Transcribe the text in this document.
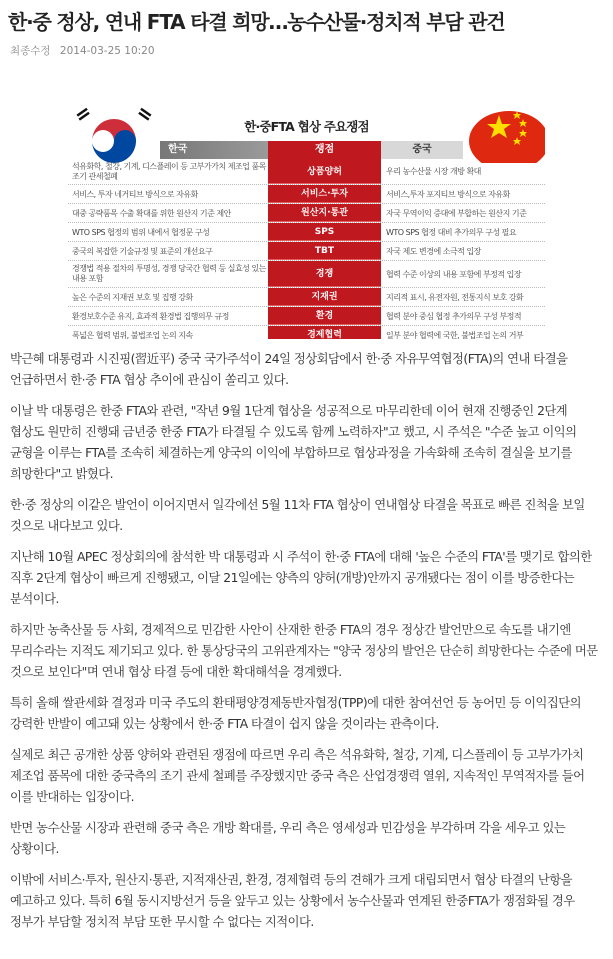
한·중 정상, 연내 FTA 타결 희망…농수산물·정치적 부담 관건
최종수정 2014-03-25 10:20
한·중FTA 협상 주요쟁점
한국	쟁점	중국
석유화학, 철강, 기계, 디스플레이 등 고부가가치 제조업 품목 조기 관세철폐	상품양허	우리 농수산물 시장 개방 확대
서비스, 투자 네거티브 방식으로 자유화	서비스·투자	서비스,투자 포지티브 방식으로 자유화
대중 공략품목 수출 확대를 위한 원산지 기준 제안	원산지·통관	자국 무역이익 증대에 부합하는 원산지 기준
WTO SPS 협정의 범위 내에서 협정문 구성	SPS	WTO SPS 협정 대비 추가의무 구성 필요
중국의 복잡한 기술규정 및 표준의 개선요구	TBT	자국 제도 변경에 소극적 입장
경쟁법 적용 절차의 투명성, 경쟁 당국간 협력 등 실효성 있는 내용 포함	경쟁	협력 수준 이상의 내용 포함에 부정적 입장
높은 수준의 지재권 보호 및 집행 강화	지재권	지리적 표시, 유전자원, 전통지식 보호 강화
환경보호수준 유지, 효과적 환경법 집행의무 규정	환경	협력 분야 중심 협정 추가의무 구성 부정적
폭넓은 협력 범위, 불법조업 논의 지속	경제협력	일부 분야 협력에 국한, 불법조업 논의 거부

박근혜 대통령과 시진핑(習近平) 중국 국가주석이 24일 정상회담에서 한·중 자유무역협정(FTA)의 연내 타결을 언급하면서 한·중 FTA 협상 추이에 관심이 쏠리고 있다.

이날 박 대통령은 한중 FTA와 관련, "작년 9월 1단계 협상을 성공적으로 마무리한데 이어 현재 진행중인 2단계 협상도 원만히 진행돼 금년중 한중 FTA가 타결될 수 있도록 함께 노력하자"고 했고, 시 주석은 "수준 높고 이익의 균형을 이루는 FTA를 조속히 체결하는게 양국의 이익에 부합하므로 협상과정을 가속화해 조속히 결실을 보기를 희망한다"고 밝혔다.

한·중 정상의 이같은 발언이 이어지면서 일각에선 5월 11차 FTA 협상이 연내협상 타결을 목표로 빠른 진척을 보일 것으로 내다보고 있다.

지난해 10월 APEC 정상회의에 참석한 박 대통령과 시 주석이 한·중 FTA에 대해 '높은 수준의 FTA'를 맺기로 합의한 직후 2단계 협상이 빠르게 진행됐고, 이달 21일에는 양측의 양허(개방)안까지 공개됐다는 점이 이를 방증한다는 분석이다.

하지만 농축산물 등 사회, 경제적으로 민감한 사안이 산재한 한중 FTA의 경우 정상간 발언만으로 속도를 내기엔 무리수라는 지적도 제기되고 있다. 한 통상당국의 고위관계자는 "양국 정상의 발언은 단순히 희망한다는 수준에 머문 것으로 보인다"며 연내 협상 타결 등에 대한 확대해석을 경계했다.

특히 올해 쌀관세화 결정과 미국 주도의 환태평양경제동반자협정(TPP)에 대한 참여선언 등 농어민 등 이익집단의 강력한 반발이 예고돼 있는 상황에서 한·중 FTA 타결이 쉽지 않을 것이라는 관측이다.

실제로 최근 공개한 상품 양허와 관련된 쟁점에 따르면 우리 측은 석유화학, 철강, 기계, 디스플레이 등 고부가가치 제조업 품목에 대한 중국측의 조기 관세 철폐를 주장했지만 중국 측은 산업경쟁력 열위, 지속적인 무역적자를 들어 이를 반대하는 입장이다.

반면 농수산물 시장과 관련해 중국 측은 개방 확대를, 우리 측은 영세성과 민감성을 부각하며 각을 세우고 있는 상황이다.

이밖에 서비스·투자, 원산지·통관, 지적재산권, 환경, 경제협력 등의 견해가 크게 대립되면서 협상 타결의 난항을 예고하고 있다. 특히 6월 동시지방선거 등을 앞두고 있는 상황에서 농수산물과 연계된 한중FTA가 쟁점화될 경우 정부가 부담할 정치적 부담 또한 무시할 수 없다는 지적이다.
